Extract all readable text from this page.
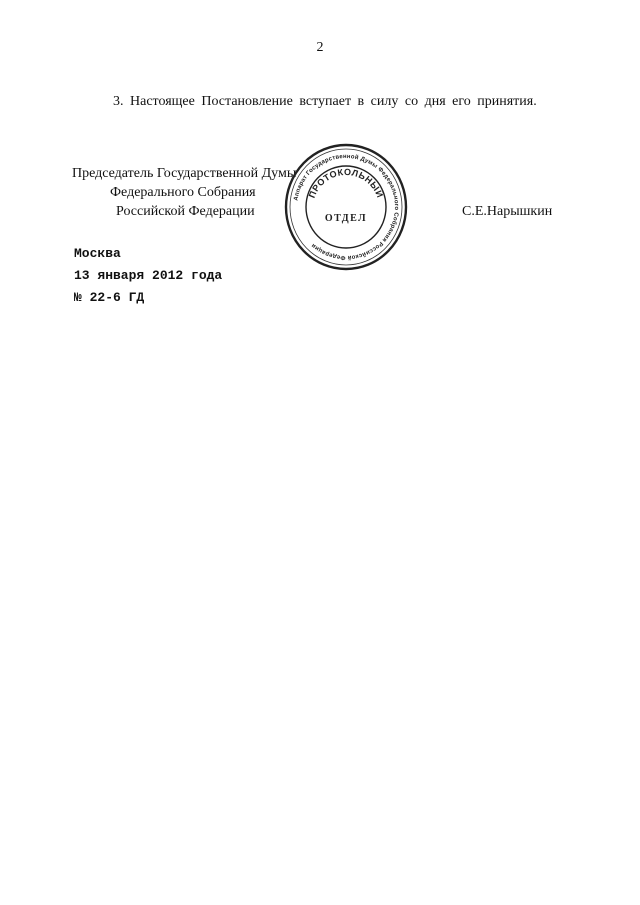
2
3. Настоящее Постановление вступает в силу со дня его принятия.
Председатель Государственной Думы
Федерального Собрания
Российской Федерации
Аппарат Государственной Думы Федерального Собрания Российской Федерации
ПРОТОКОЛЬНЫЙ
ОТДЕЛ	С.Е.Нарышкин
Москва
13 января 2012 года
№ 22-6 ГД
